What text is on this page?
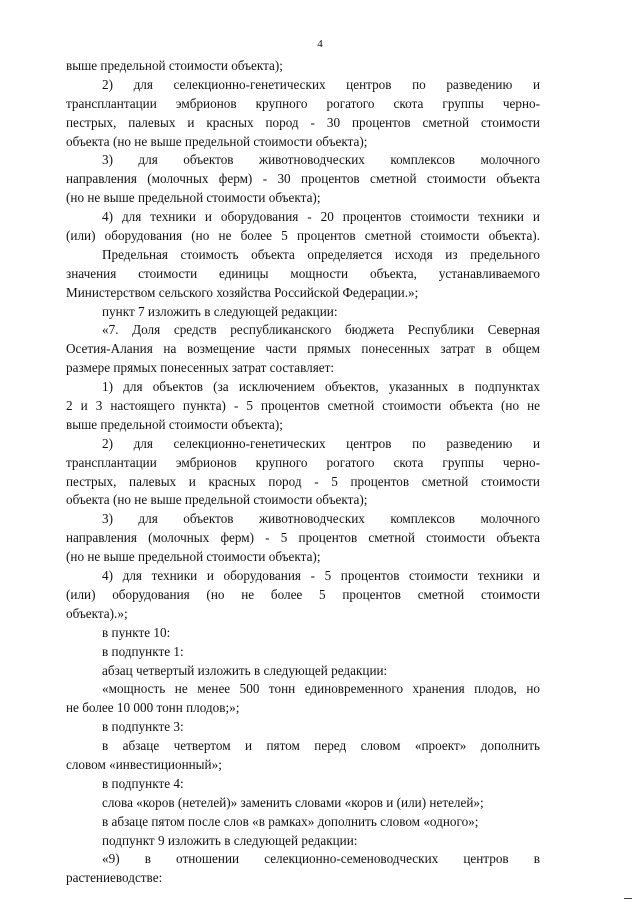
4
выше предельной стоимости объекта);
2) для селекционно-генетических центров по разведению и
трансплантации эмбрионов крупного рогатого скота группы черно-
пестрых, палевых и красных пород - 30 процентов сметной стоимости
объекта (но не выше предельной стоимости объекта);
3) для объектов животноводческих комплексов молочного
направления (молочных ферм) - 30 процентов сметной стоимости объекта
(но не выше предельной стоимости объекта);
4) для техники и оборудования - 20 процентов стоимости техники и
(или) оборудования (но не более 5 процентов сметной стоимости объекта).
Предельная стоимость объекта определяется исходя из предельного
значения стоимости единицы мощности объекта, устанавливаемого
Министерством сельского хозяйства Российской Федерации.»;
пункт 7 изложить в следующей редакции:
«7. Доля средств республиканского бюджета Республики Северная
Осетия-Алания на возмещение части прямых понесенных затрат в общем
размере прямых понесенных затрат составляет:
1) для объектов (за исключением объектов, указанных в подпунктах
2 и 3 настоящего пункта) - 5 процентов сметной стоимости объекта (но не
выше предельной стоимости объекта);
2) для селекционно-генетических центров по разведению и
трансплантации эмбрионов крупного рогатого скота группы черно-
пестрых, палевых и красных пород - 5 процентов сметной стоимости
объекта (но не выше предельной стоимости объекта);
3) для объектов животноводческих комплексов молочного
направления (молочных ферм) - 5 процентов сметной стоимости объекта
(но не выше предельной стоимости объекта);
4) для техники и оборудования - 5 процентов стоимости техники и
(или) оборудования (но не более 5 процентов сметной стоимости
объекта).»;
в пункте 10:
в подпункте 1:
абзац четвертый изложить в следующей редакции:
«мощность не менее 500 тонн единовременного хранения плодов, но
не более 10 000 тонн плодов;»;
в подпункте 3:
в абзаце четвертом и пятом перед словом «проект» дополнить
словом «инвестиционный»;
в подпункте 4:
слова «коров (нетелей)» заменить словами «коров и (или) нетелей»;
в абзаце пятом после слов «в рамках» дополнить словом «одного»;
подпункт 9 изложить в следующей редакции:
«9) в отношении селекционно-семеноводческих центров в
растениеводстве:
